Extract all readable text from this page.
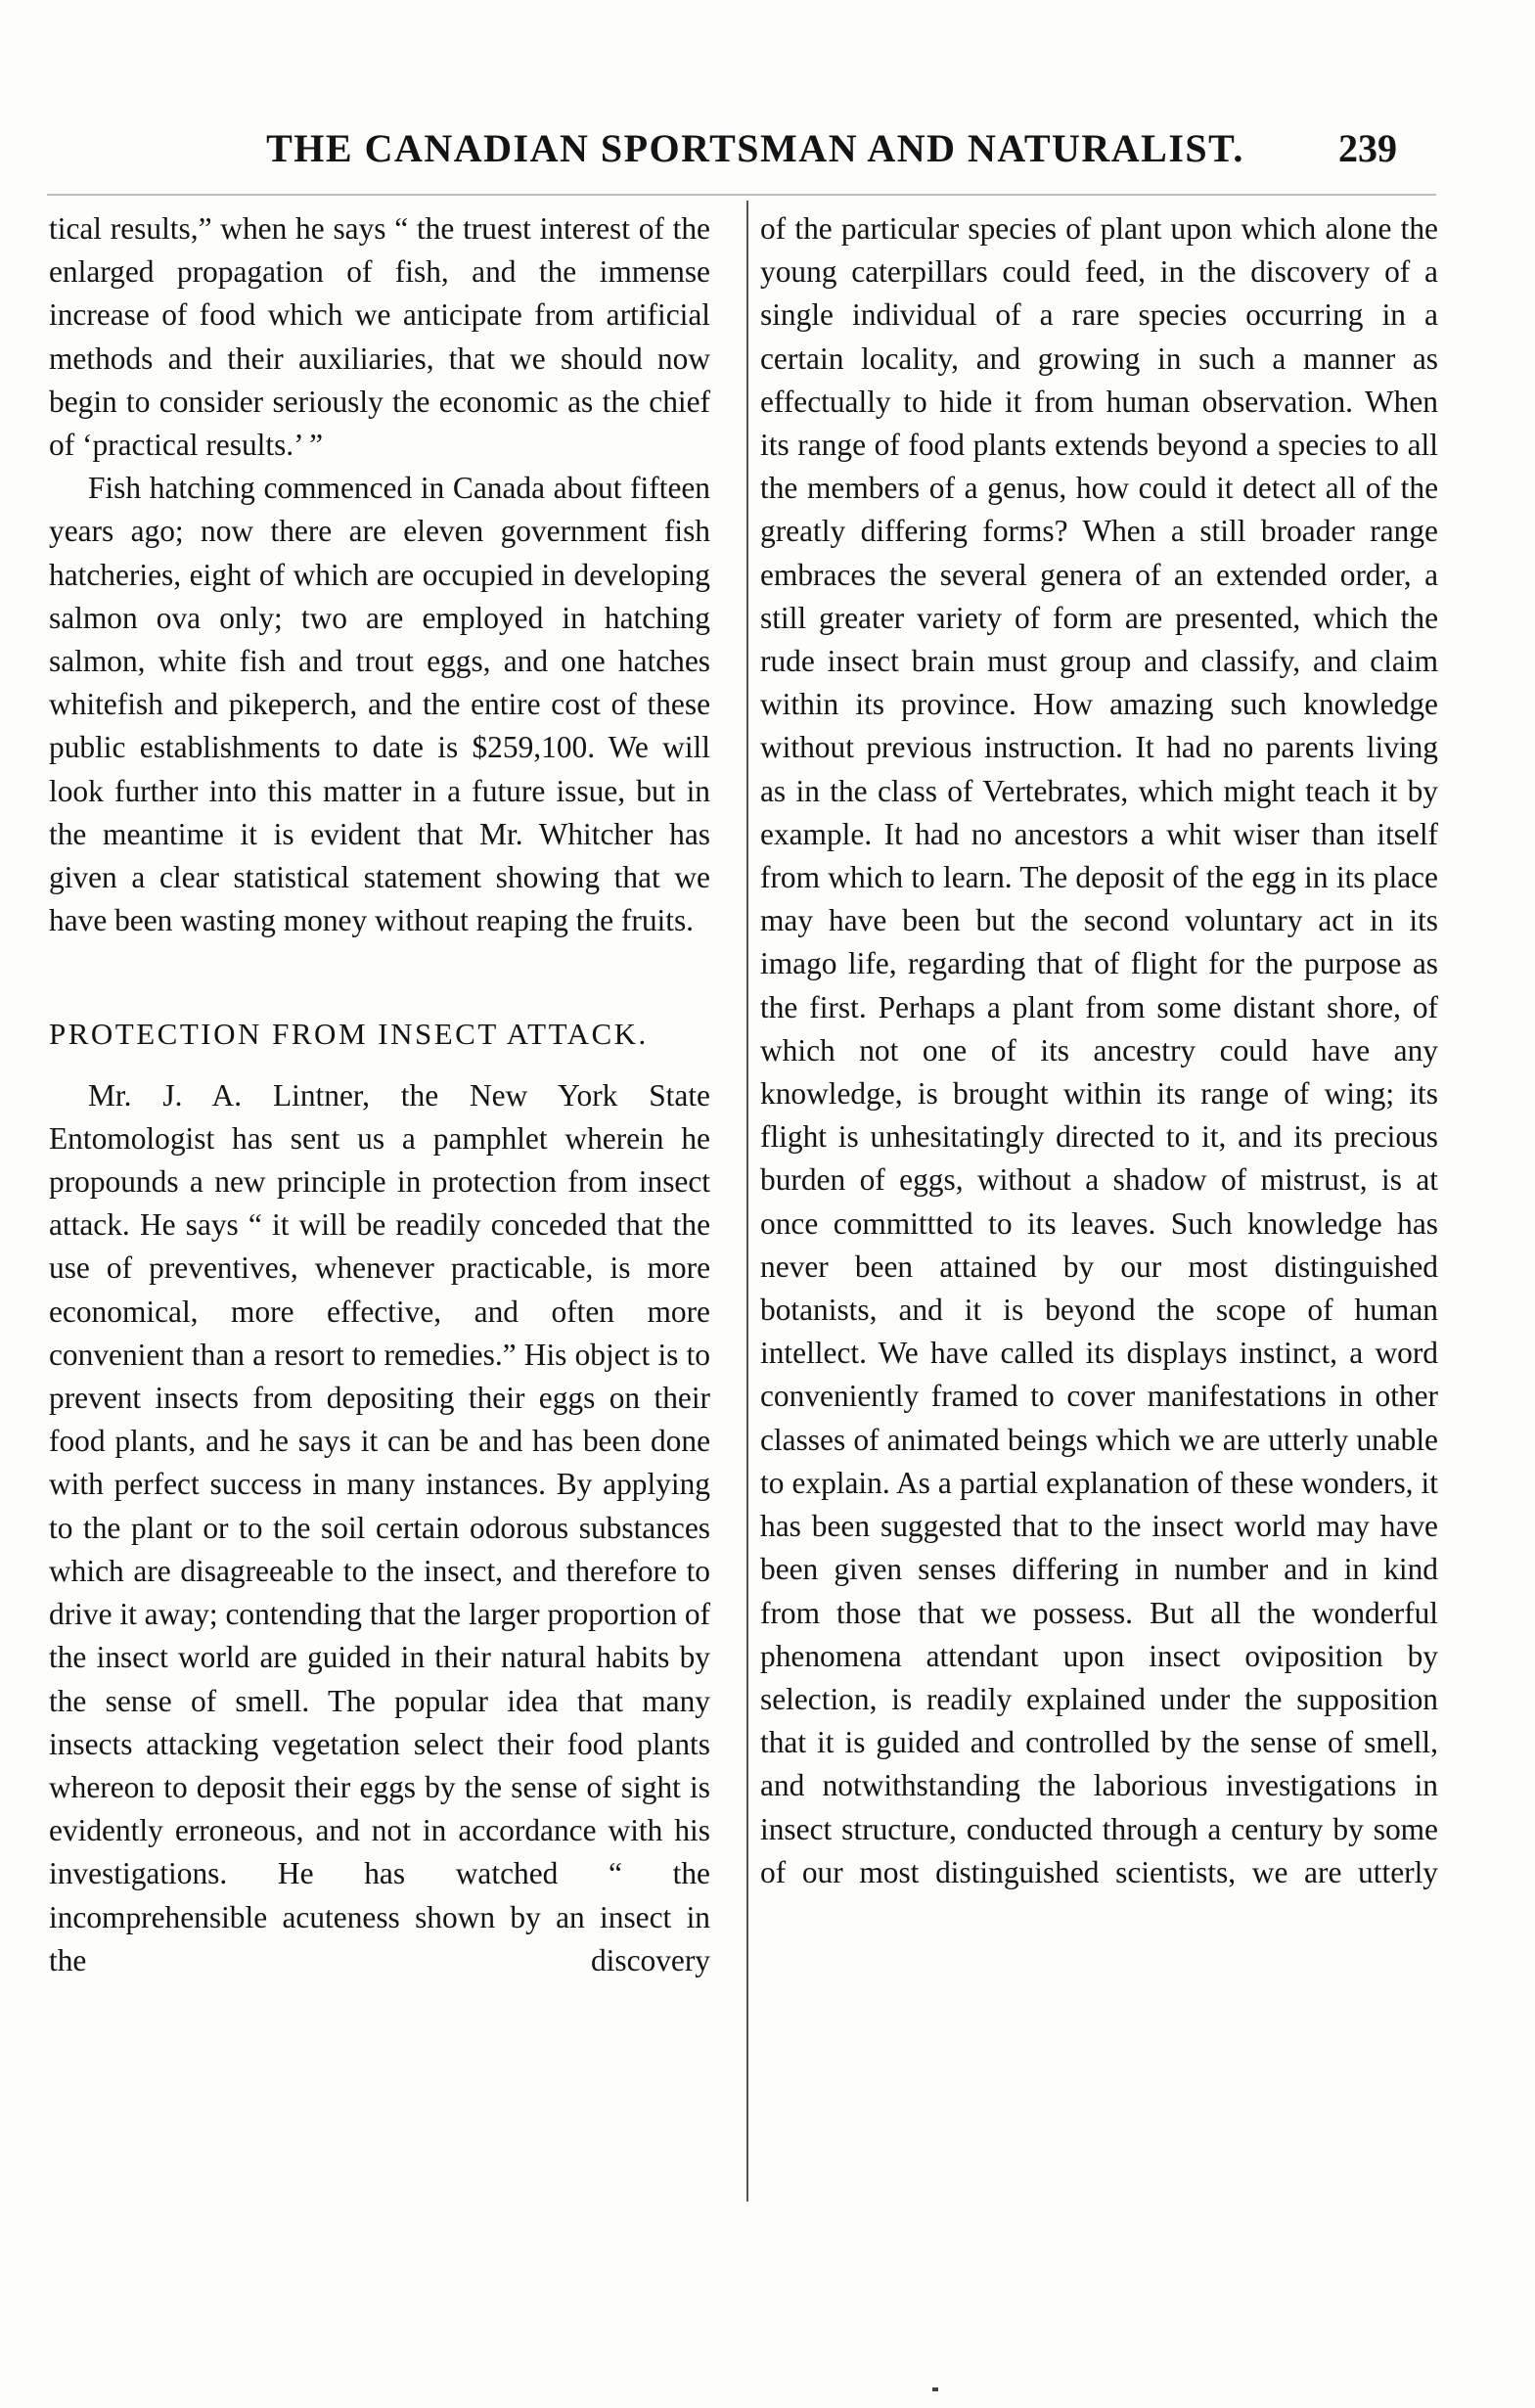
THE CANADIAN SPORTSMAN AND NATURALIST.	239

tical results,” when he says “ the truest interest of the enlarged propagation of fish, and the immense increase of food which we anticipate from artificial methods and their auxiliaries, that we should now begin to consider seriously the economic as the chief of ‘practical results.’ ”

Fish hatching commenced in Canada about fifteen years ago; now there are eleven government fish hatcheries, eight of which are occupied in developing salmon ova only; two are employed in hatching salmon, white fish and trout eggs, and one hatches whitefish and pikeperch, and the entire cost of these public establishments to date is $259,100. We will look further into this matter in a future issue, but in the meantime it is evident that Mr. Whitcher has given a clear statistical statement showing that we have been wasting money without reaping the fruits.

PROTECTION FROM INSECT ATTACK.

Mr. J. A. Lintner, the New York State Entomologist has sent us a pamphlet wherein he propounds a new principle in protection from insect attack. He says “ it will be readily conceded that the use of preventives, whenever practicable, is more economical, more effective, and often more convenient than a resort to remedies.” His object is to prevent insects from depositing their eggs on their food plants, and he says it can be and has been done with perfect success in many instances. By applying to the plant or to the soil certain odorous substances which are disagreeable to the insect, and therefore to drive it away; contending that the larger proportion of the insect world are guided in their natural habits by the sense of smell. The popular idea that many insects attacking vegetation select their food plants whereon to deposit their eggs by the sense of sight is evidently erroneous, and not in accordance with his investigations. He has watched “ the incomprehensible acuteness shown by an insect in the discovery

of the particular species of plant upon which alone the young caterpillars could feed, in the discovery of a single individual of a rare species occurring in a certain locality, and growing in such a manner as effectually to hide it from human observation. When its range of food plants extends beyond a species to all the members of a genus, how could it detect all of the greatly differing forms? When a still broader range embraces the several genera of an extended order, a still greater variety of form are presented, which the rude insect brain must group and classify, and claim within its province. How amazing such knowledge without previous instruction. It had no parents living as in the class of Vertebrates, which might teach it by example. It had no ancestors a whit wiser than itself from which to learn. The deposit of the egg in its place may have been but the second voluntary act in its imago life, regarding that of flight for the purpose as the first. Perhaps a plant from some distant shore, of which not one of its ancestry could have any knowledge, is brought within its range of wing; its flight is unhesitatingly directed to it, and its precious burden of eggs, without a shadow of mistrust, is at once committted to its leaves. Such knowledge has never been attained by our most distinguished botanists, and it is beyond the scope of human intellect. We have called its displays instinct, a word conveniently framed to cover manifestations in other classes of animated beings which we are utterly unable to explain. As a partial explanation of these wonders, it has been suggested that to the insect world may have been given senses differing in number and in kind from those that we possess. But all the wonderful phenomena attendant upon insect oviposition by selection, is readily explained under the supposition that it is guided and controlled by the sense of smell, and notwithstanding the laborious investigations in insect structure, conducted through a century by some of our most distinguished scientists, we are utterly
